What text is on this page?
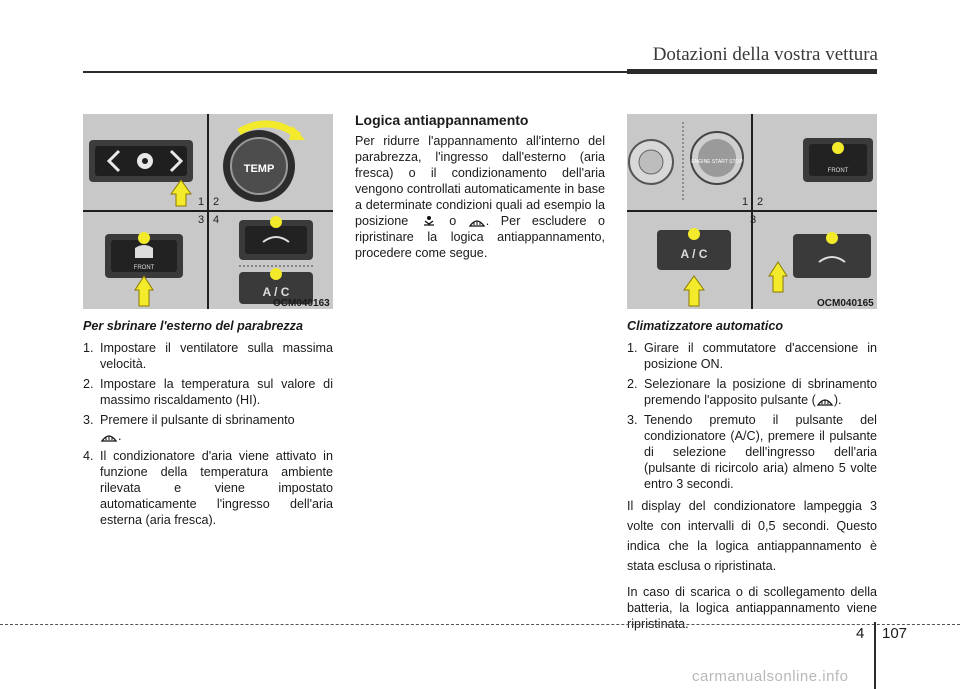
Dotazioni della vostra vettura
TEMP
FRONT
A / C
1 2
3 4
OCM040163
ENGINE START STOP
FRONT
A / C
1 2
3
OCM040165

Per sbrinare l'esterno del parabrezza

1. Impostare il ventilatore sulla massima velocità.
2. Impostare la temperatura sul valore di massimo riscaldamento (HI).
3. Premere il pulsante di sbrinamento
.
4. Il condizionatore d'aria viene attivato in funzione della temperatura ambiente rilevata e viene impostato automaticamente l'ingresso dell'aria esterna (aria fresca).

Logica antiappannamento

Per ridurre l'appannamento all'interno del parabrezza, l'ingresso dall'esterno (aria fresca) o il condizionamento dell'aria vengono controllati automaticamente in base a determinate condizioni quali ad esempio la posizione	o . Per escludere o ripristinare la logica antiappannamento, procedere come segue.

Climatizzatore automatico

1. Girare il commutatore d'accensione in posizione ON.
2. Selezionare la posizione di sbrinamento premendo l'apposito pulsante ( ).
3. Tenendo premuto il pulsante del condizionatore (A/C), premere il pulsante di selezione dell'ingresso dell'aria (pulsante di ricircolo aria) almeno 5 volte entro 3 secondi.

Il display del condizionatore lampeggia 3 volte con intervalli di 0,5 secondi. Questo indica che la logica antiappannamento è stata esclusa o ripristinata.

In caso di scarica o di scollegamento della batteria, la logica antiappannamento viene ripristinata.

4 107
carmanualsonline.info
